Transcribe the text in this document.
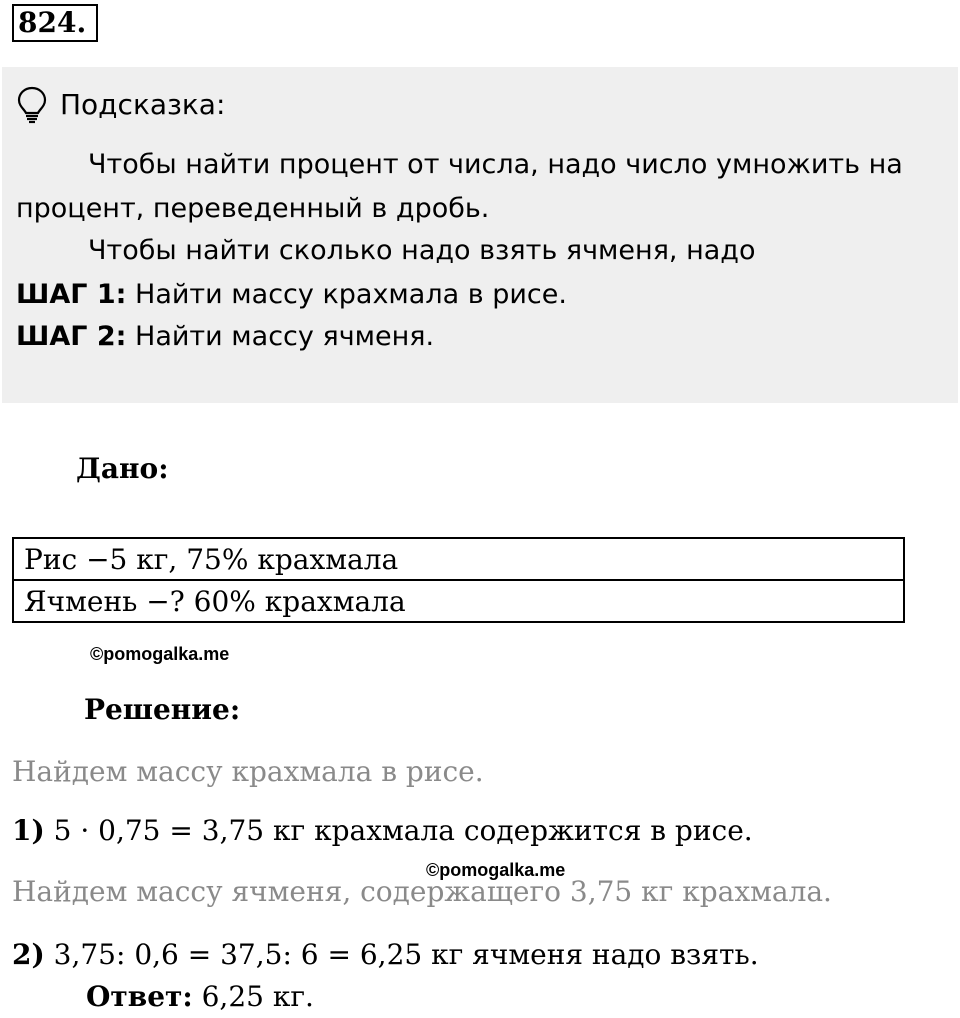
824.
Подсказка:
Чтобы найти процент от числа, надо число умножить на
процент, переведенный в дробь.
Чтобы найти сколько надо взять ячменя, надо
ШАГ 1: Найти массу крахмала в рисе.
ШАГ 2: Найти массу ячменя.
Дано:
Рис −5 кг, 75% крахмала
Ячмень −? 60% крахмала
©pomogalka.me
Решение:
Найдем массу крахмала в рисе.
1) 5 · 0,75 = 3,75 кг крахмала содержится в рисе.
©pomogalka.me
Найдем массу ячменя, содержащего 3,75 кг крахмала.
2) 3,75: 0,6 = 37,5: 6 = 6,25 кг ячменя надо взять.
Ответ: 6,25 кг.
